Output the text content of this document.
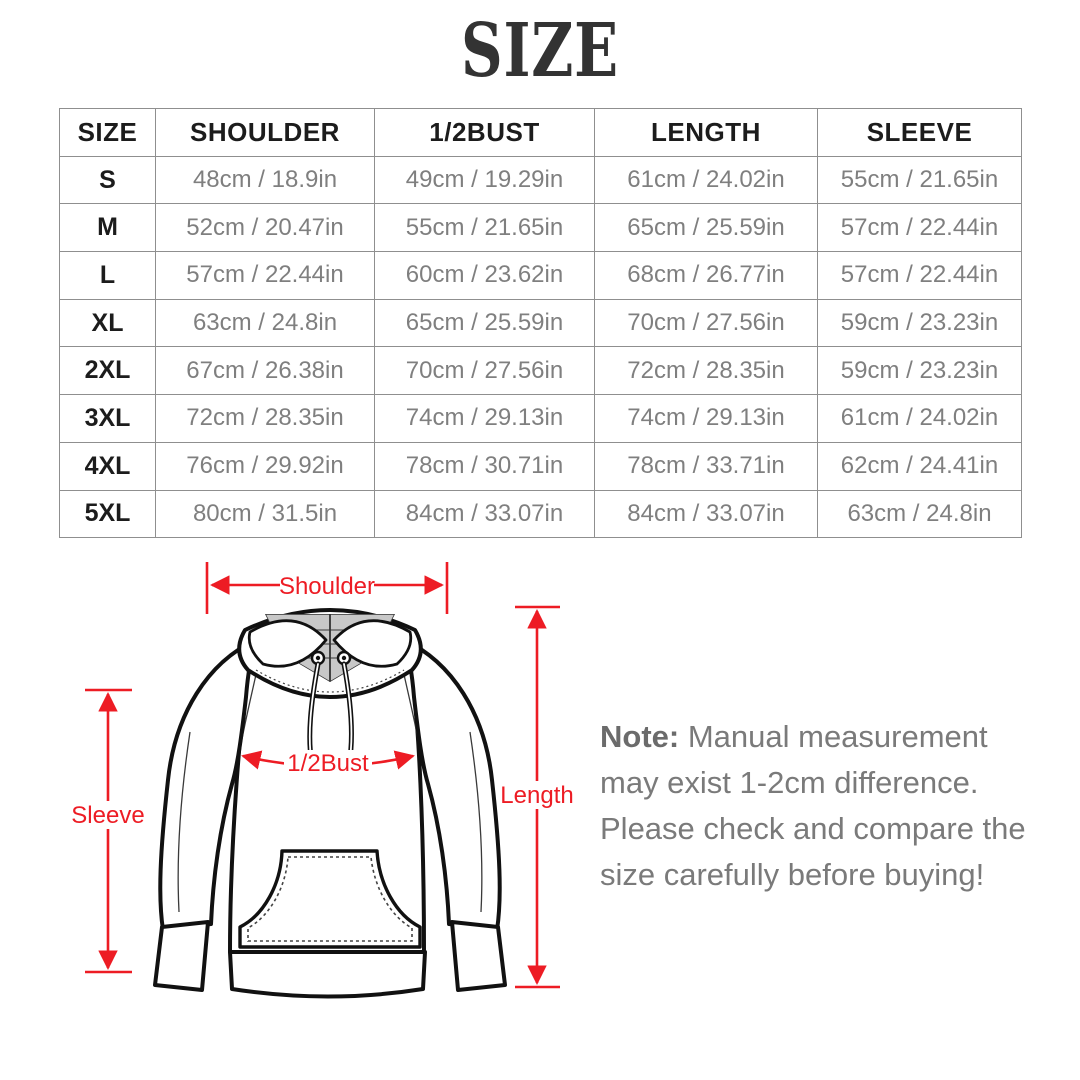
SIZE
SIZE	SHOULDER	1/2BUST	LENGTH	SLEEVE
S	48cm / 18.9in	49cm / 19.29in	61cm / 24.02in	55cm / 21.65in
M	52cm / 20.47in	55cm / 21.65in	65cm / 25.59in	57cm / 22.44in
L	57cm / 22.44in	60cm / 23.62in	68cm / 26.77in	57cm / 22.44in
XL	63cm / 24.8in	65cm / 25.59in	70cm / 27.56in	59cm / 23.23in
2XL	67cm / 26.38in	70cm / 27.56in	72cm / 28.35in	59cm / 23.23in
3XL	72cm / 28.35in	74cm / 29.13in	74cm / 29.13in	61cm / 24.02in
4XL	76cm / 29.92in	78cm / 30.71in	78cm / 33.71in	62cm / 24.41in
5XL	80cm / 31.5in	84cm / 33.07in	84cm / 33.07in	63cm / 24.8in
Shoulder
1/2Bust
Length
Sleeve
Note: Manual measurement may exist 1-2cm difference. Please check and compare the size carefully before buying!
